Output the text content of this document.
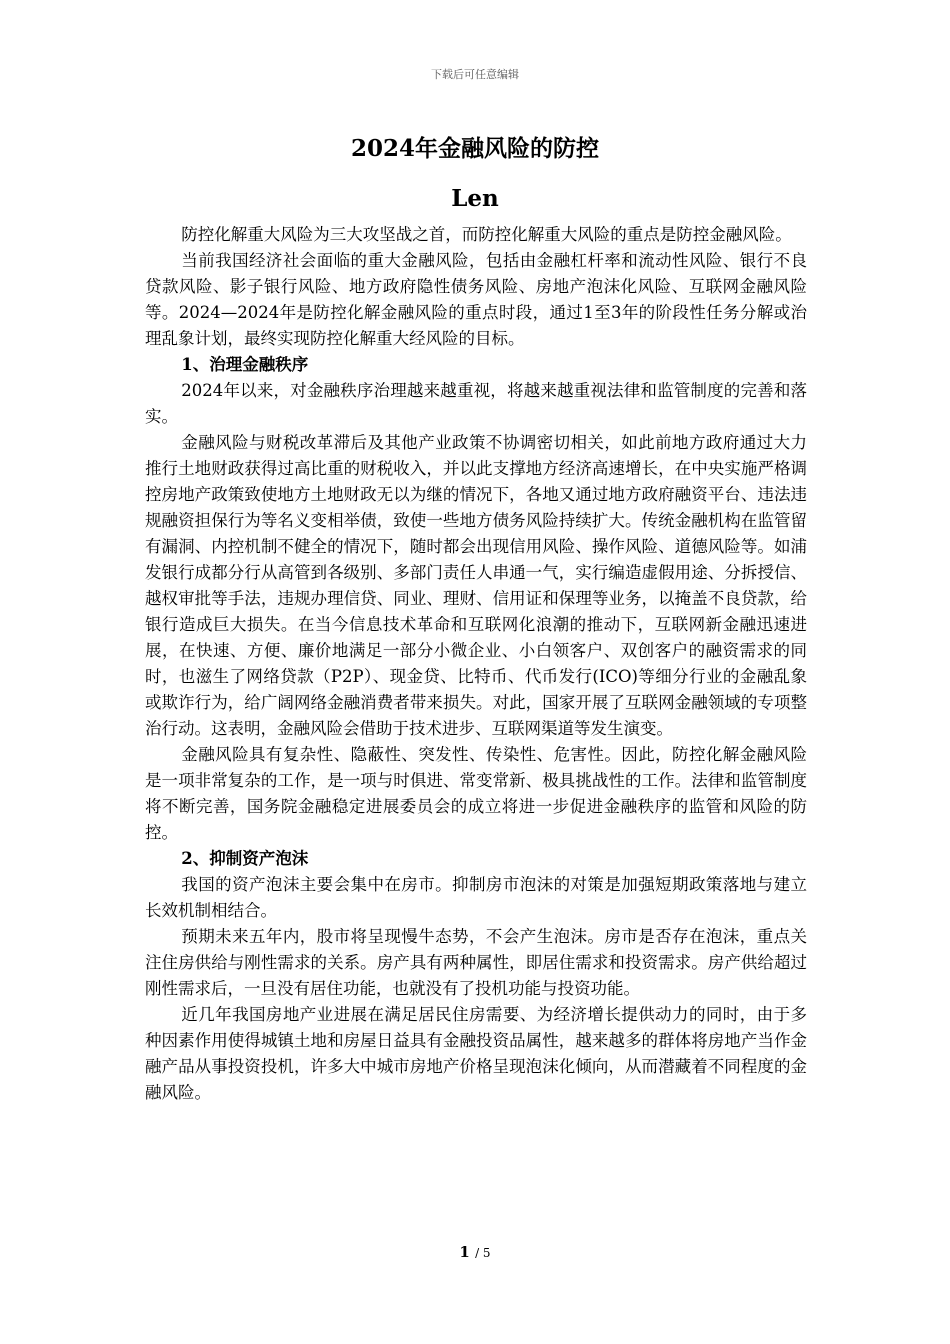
下载后可任意编辑
2024年金融风险的防控
Len

防控化解重大风险为三大攻坚战之首，而防控化解重大风险的重点是防控金融风险。

当前我国经济社会面临的重大金融风险，包括由金融杠杆率和流动性风险、银行不良贷款风险、影子银行风险、地方政府隐性债务风险、房地产泡沫化风险、互联网金融风险等。2024—2024年是防控化解金融风险的重点时段，通过1至3年的阶段性任务分解或治理乱象计划，最终实现防控化解重大经风险的目标。

1、治理金融秩序

2024年以来，对金融秩序治理越来越重视，将越来越重视法律和监管制度的完善和落实。

金融风险与财税改革滞后及其他产业政策不协调密切相关，如此前地方政府通过大力推行土地财政获得过高比重的财税收入，并以此支撑地方经济高速增长，在中央实施严格调控房地产政策致使地方土地财政无以为继的情况下，各地又通过地方政府融资平台、违法违规融资担保行为等名义变相举债，致使一些地方债务风险持续扩大。传统金融机构在监管留有漏洞、内控机制不健全的情况下，随时都会出现信用风险、操作风险、道德风险等。如浦发银行成都分行从高管到各级别、多部门责任人串通一气，实行编造虚假用途、分拆授信、越权审批等手法，违规办理信贷、同业、理财、信用证和保理等业务，以掩盖不良贷款，给银行造成巨大损失。在当今信息技术革命和互联网化浪潮的推动下，互联网新金融迅速进展，在快速、方便、廉价地满足一部分小微企业、小白领客户、双创客户的融资需求的同时，也滋生了网络贷款（P2P）、现金贷、比特币、代币发行(ICO)等细分行业的金融乱象或欺诈行为，给广阔网络金融消费者带来损失。对此，国家开展了互联网金融领域的专项整治行动。这表明，金融风险会借助于技术进步、互联网渠道等发生演变。

金融风险具有复杂性、隐蔽性、突发性、传染性、危害性。因此，防控化解金融风险是一项非常复杂的工作，是一项与时俱进、常变常新、极具挑战性的工作。法律和监管制度将不断完善，国务院金融稳定进展委员会的成立将进一步促进金融秩序的监管和风险的防控。

2、抑制资产泡沫

我国的资产泡沫主要会集中在房市。抑制房市泡沫的对策是加强短期政策落地与建立长效机制相结合。

预期未来五年内，股市将呈现慢牛态势，不会产生泡沫。房市是否存在泡沫，重点关注住房供给与刚性需求的关系。房产具有两种属性，即居住需求和投资需求。房产供给超过刚性需求后，一旦没有居住功能，也就没有了投机功能与投资功能。

近几年我国房地产业进展在满足居民住房需要、为经济增长提供动力的同时，由于多种因素作用使得城镇土地和房屋日益具有金融投资品属性，越来越多的群体将房地产当作金融产品从事投资投机，许多大中城市房地产价格呈现泡沫化倾向，从而潜藏着不同程度的金融风险。

1 / 5
